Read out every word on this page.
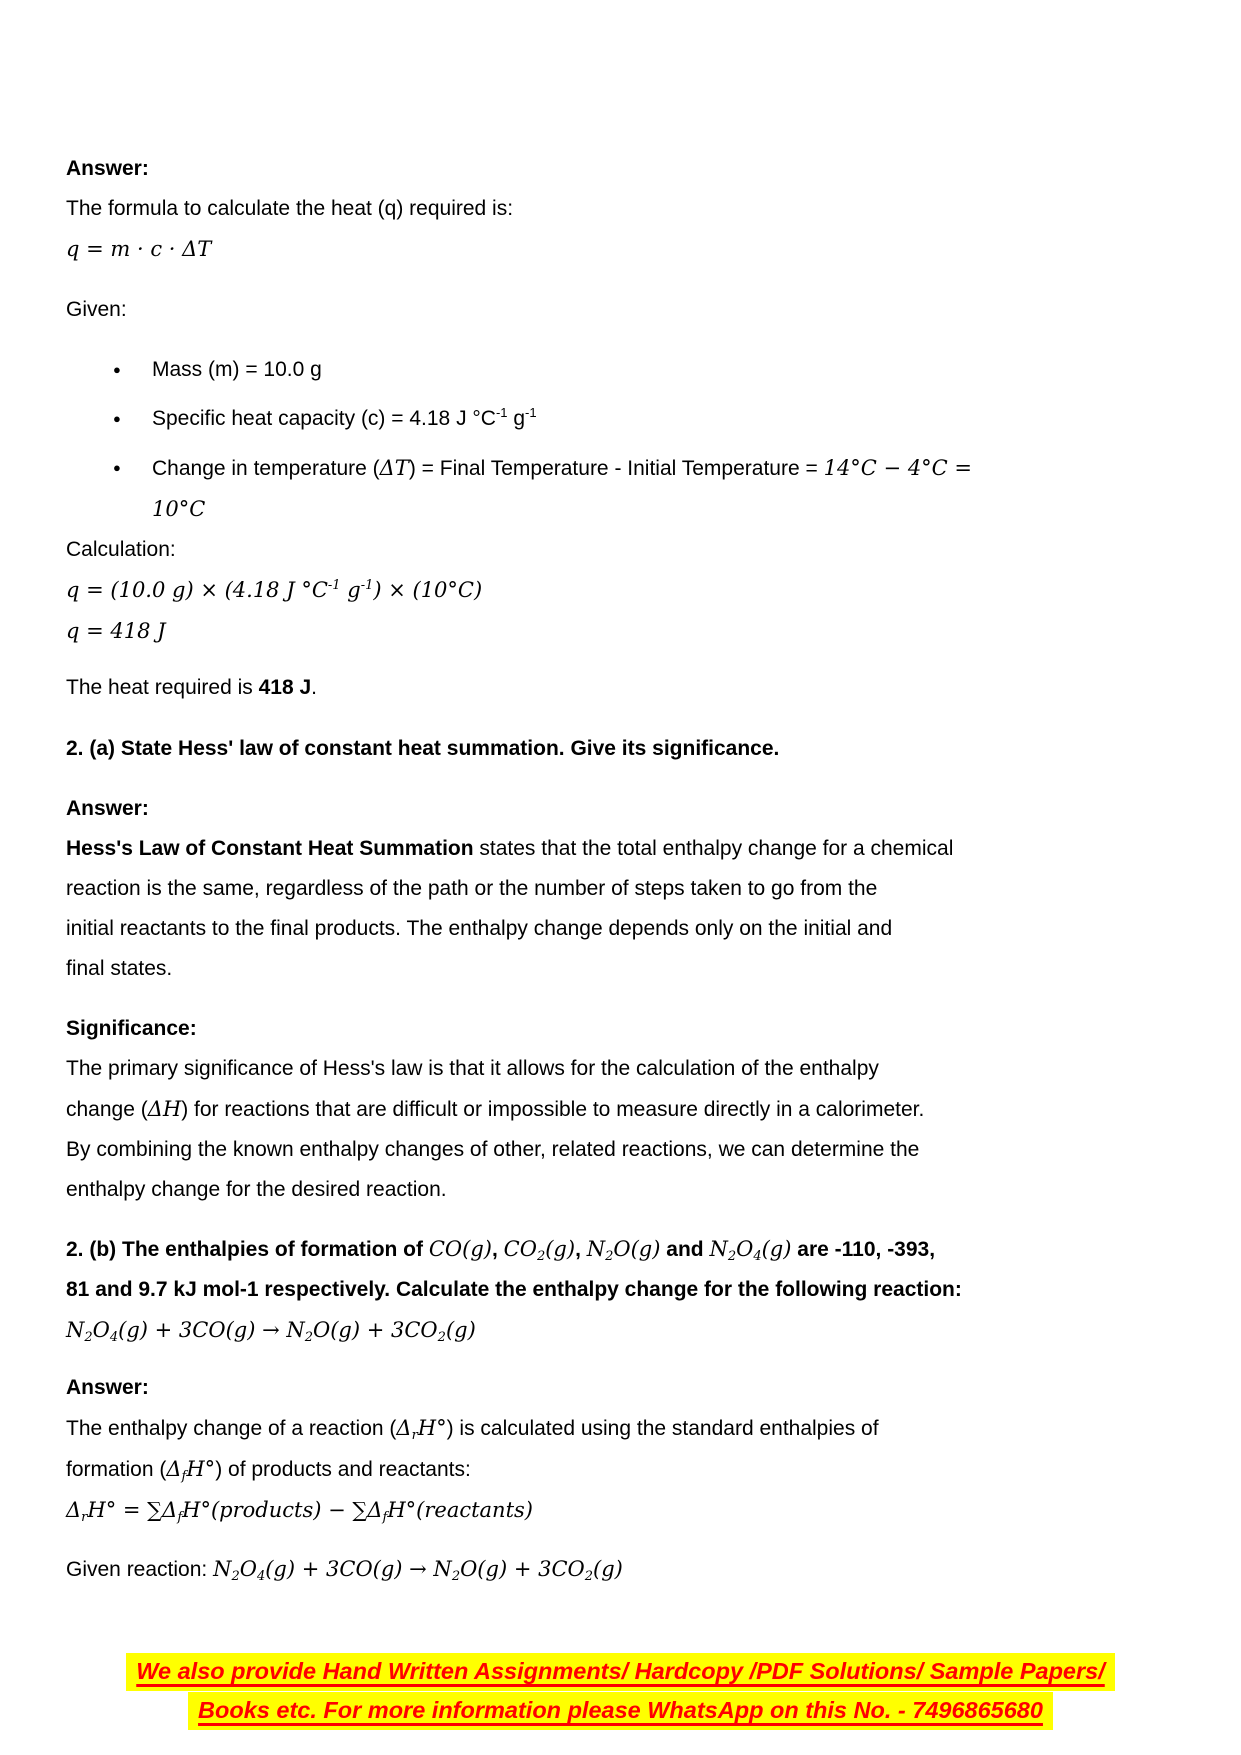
Answer:

The formula to calculate the heat (q) required is:

q = m · c · ΔT

Given:

●	Mass (m) = 10.0 g
●	Specific heat capacity (c) = 4.18 J $^\circ C^{-1}$ $g^{-1}$
●	Change in temperature (ΔT) = Final Temperature - Initial Temperature = 14°C − 4°C =
10°C

Calculation:

q = (10.0 g) × (4.18 J $^\circ C^{-1}$ $g^{-1}) \times (10^\circ C)$

q = 418 J

The heat required is 418 J.

2. (a) State Hess' law of constant heat summation. Give its significance.

Answer:

Hess's Law of Constant Heat Summation states that the total enthalpy change for a chemical
reaction is the same, regardless of the path or the number of steps taken to go from the
initial reactants to the final products. The enthalpy change depends only on the initial and
final states.

Significance:

The primary significance of Hess's law is that it allows for the calculation of the enthalpy
change (ΔH) for reactions that are difficult or impossible to measure directly in a calorimeter.
By combining the known enthalpy changes of other, related reactions, we can determine the
enthalpy change for the desired reaction.

2. (b) The enthalpies of formation of CO(g), $CO_2(g)$, $N_2O(g)$ and $N_2O_4(g)$ are -110, -393,
81 and 9.7 kJ mol-1 respectively. Calculate the enthalpy change for the following reaction:

$N_2O_4(g) + 3CO(g) \to N_2O(g) + 3CO_2(g)$

Answer:

The enthalpy change of a reaction $(\Delta_rH^\circ)$ is calculated using the standard enthalpies of
formation $(\Delta_fH^\circ)$ of products and reactants:

$\Delta_rH^\circ$ = $\sum\Delta_fH^\circ(products)$ − $\sum\Delta_fH^\circ(reactants)$

Given reaction: $N_2O_4(g) + 3CO(g) \to N_2O(g) + 3CO_2(g)$

We also provide Hand Written Assignments/ Hardcopy /PDF Solutions/ Sample Papers/
Books etc. For more information please WhatsApp on this No. - 7496865680
